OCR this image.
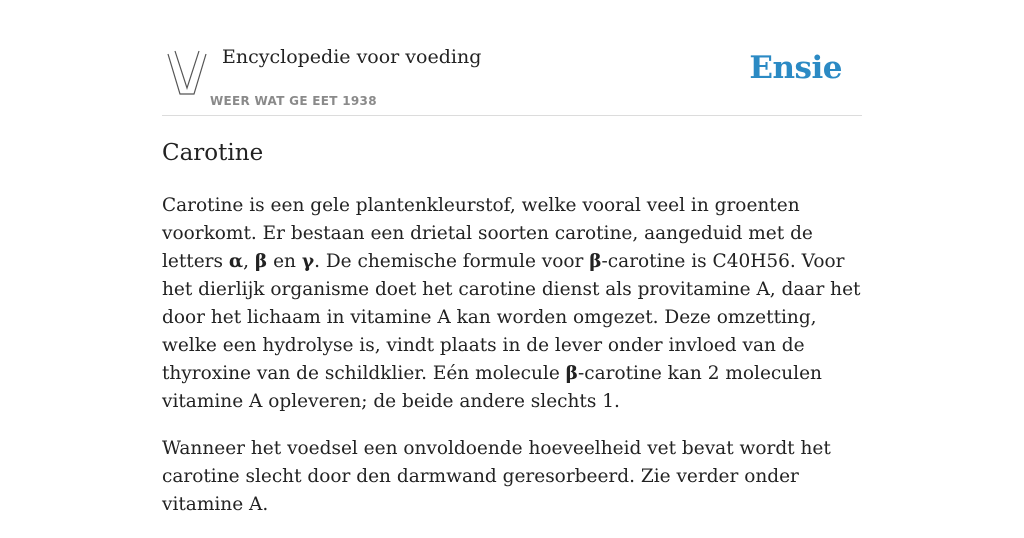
Encyclopedie voor voeding
WEER WAT GE EET 1938
Ensie
Carotine

Carotine is een gele plantenkleurstof, welke vooral veel in groenten voorkomt. Er bestaan een drietal soorten carotine, aangeduid met de letters α, β en γ. De chemische formule voor β-carotine is C40H56. Voor het dierlijk organisme doet het carotine dienst als provitamine A, daar het door het lichaam in vitamine A kan worden omgezet. Deze omzetting, welke een hydrolyse is, vindt plaats in de lever onder invloed van de thyroxine van de schildklier. Eén molecule β-carotine kan 2 moleculen vitamine A opleveren; de beide andere slechts 1.

Wanneer het voedsel een onvoldoende hoeveelheid vet bevat wordt het carotine slecht door den darmwand geresorbeerd. Zie verder onder vitamine A.
